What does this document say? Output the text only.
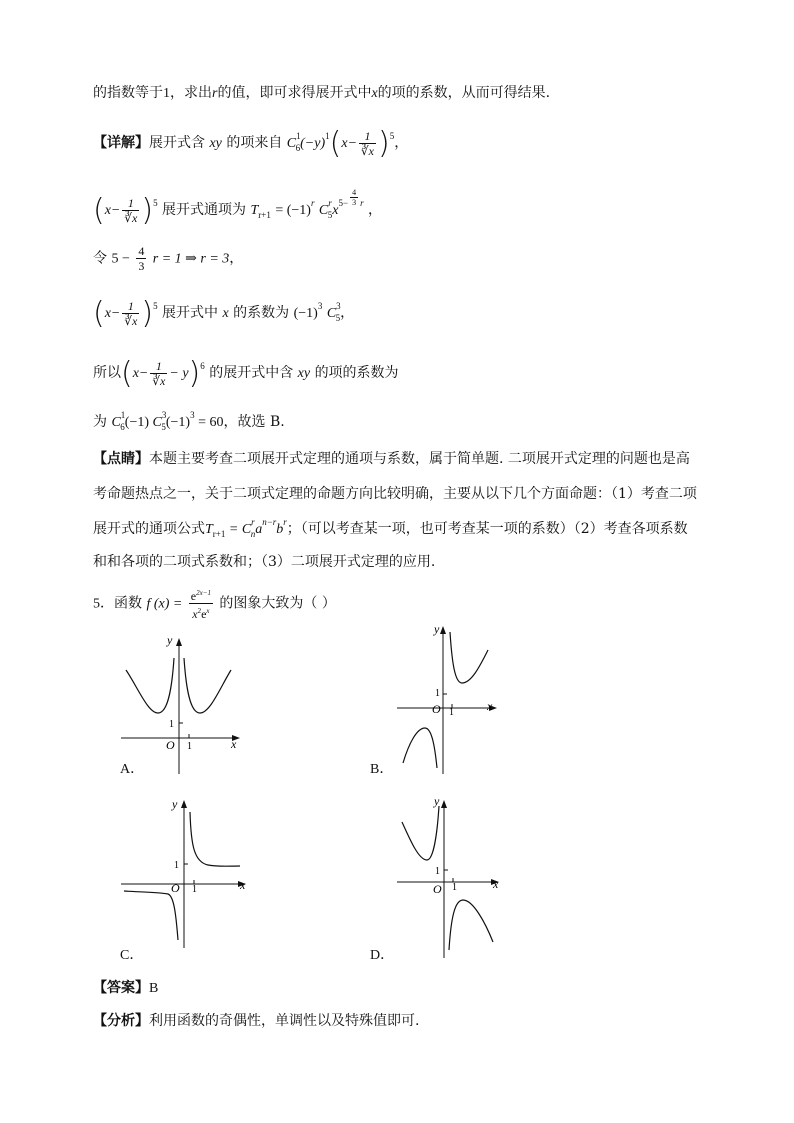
的指数等于1，求出r的值，即可求得展开式中x的项的系数，从而可得结果.
【详解】展开式含 xy 的项来自 $C^1_6(-y)^1(x- \frac{1}{∛x} )^5$，
$(x- \frac{1}{∛x} )^5$ 展开式通项为 $T_{r+1} = (-1)^r$ $C^r_5x^{5-} \frac{4}{3} ^r$ ，
令 $5 - \frac{4}{3}$ r = 1 ⇒ r = 3，
$(x- \frac{1}{∛x} )^5$ 展开式中 x 的系数为 $(-1)^3$ $C^3_5$，
所以$(x- \frac{1}{∛x} - y)^6$ 的展开式中含 xy 的项的系数为
为 $C^1_6(-1) C^3_5(-1)^3 = 60$，故选 B.
【点睛】本题主要考查二项展开式定理的通项与系数，属于简单题. 二项展开式定理的问题也是高
考命题热点之一，关于二项式定理的命题方向比较明确，主要从以下几个方面命题：（1）考查二项
展开式的通项公式$T_{r+1} = C^r_na^{n-r}b^r$；（可以考查某一项，也可考查某一项的系数）（2）考查各项系数
和和各项的二项式系数和；（3）二项展开式定理的应用.
5．函数 f $(x) = \frac{e^{2x-1}}{x^2e^x}$ 的图象大致为（ ）
y
x
O 1
1
A．
y
x
O 1
1
B．
y
x
O 1
1
C．
y
x
O 1
1
D．
【答案】B
【分析】利用函数的奇偶性，单调性以及特殊值即可.
